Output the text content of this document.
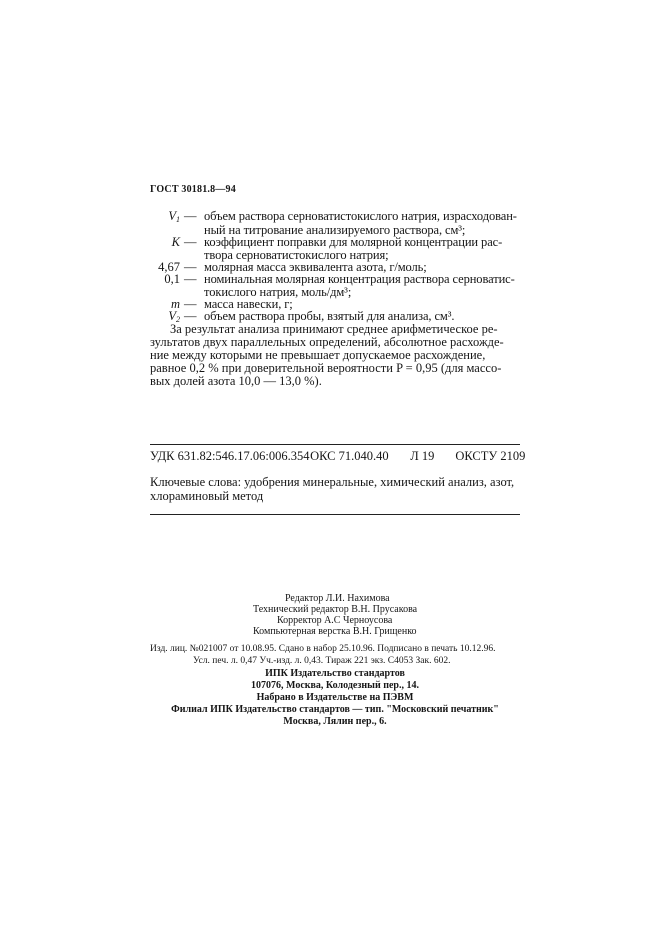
ГОСТ 30181.8—94
$V_1$ — объем раствора серноватистокислого натрия, израсходован-
ный на титрование анализируемого раствора, см³;
K — коэффициент поправки для молярной концентрации рас-
твора серноватистокислого натрия;
4,67 — молярная масса эквивалента азота, г/моль;
0,1 — номинальная молярная концентрация раствора серноватис-
токислого натрия, моль/дм³;
m — масса навески, г;
$V_2$ — объем раствора пробы, взятый для анализа, см³.
За результат анализа принимают среднее арифметическое ре-
зультатов двух параллельных определений, абсолютное расхожде-
ние между которыми не превышает допускаемое расхождение,
равное 0,2 % при доверительной вероятности P = 0,95 (для массо-
вых долей азота 10,0 — 13,0 %).
УДК 631.82:546.17.06:006.354 ОКС 71.040.40 Л 19 ОКСТУ 2109
Ключевые слова: удобрения минеральные, химический анализ, азот,
хлораминовый метод
Редактор Л.И. Нахимова
Технический редактор В.Н. Прусакова
Корректор А.С Черноусова
Компьютерная верстка В.Н. Грищенко
Изд. лиц. №021007 от 10.08.95. Сдано в набор 25.10.96. Подписано в печать 10.12.96.
Усл. печ. л. 0,47 Уч.-изд. л. 0,43. Тираж 221 экз. С4053 Зак. 602.
ИПК Издательство стандартов
107076, Москва, Колодезный пер., 14.
Набрано в Издательстве на ПЭВМ
Филиал ИПК Издательство стандартов — тип. "Московский печатник"
Москва, Лялин пер., 6.
